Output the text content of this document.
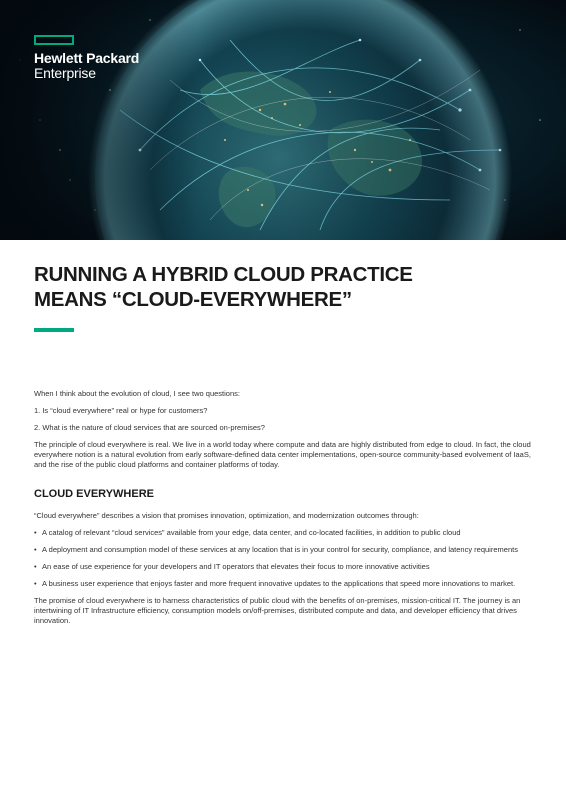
Hewlett Packard
Enterprise
RUNNING A HYBRID CLOUD PRACTICE
MEANS “CLOUD-EVERYWHERE”

When I think about the evolution of cloud, I see two questions:

1. Is “cloud everywhere” real or hype for customers?

2. What is the nature of cloud services that are sourced on-premises?

The principle of cloud everywhere is real. We live in a world today where compute and data are highly distributed from edge to cloud. In fact, the cloud everywhere notion is a natural evolution from early software-defined data center implementations, open-source community-based evolvement of IaaS, and the rise of the public cloud platforms and container platforms of today.

CLOUD EVERYWHERE

“Cloud everywhere” describes a vision that promises innovation, optimization, and modernization outcomes through:

• A catalog of relevant “cloud services” available from your edge, data center, and co-located facilities, in addition to public cloud
• A deployment and consumption model of these services at any location that is in your control for security, compliance, and latency requirements
• An ease of use experience for your developers and IT operators that elevates their focus to more innovative activities
• A business user experience that enjoys faster and more frequent innovative updates to the applications that speed more innovations to market.

The promise of cloud everywhere is to harness characteristics of public cloud with the benefits of on-premises, mission-critical IT. The journey is an intertwining of IT Infrastructure efficiency, consumption models on/off-premises, distributed compute and data, and developer efficiency that drives innovation.
